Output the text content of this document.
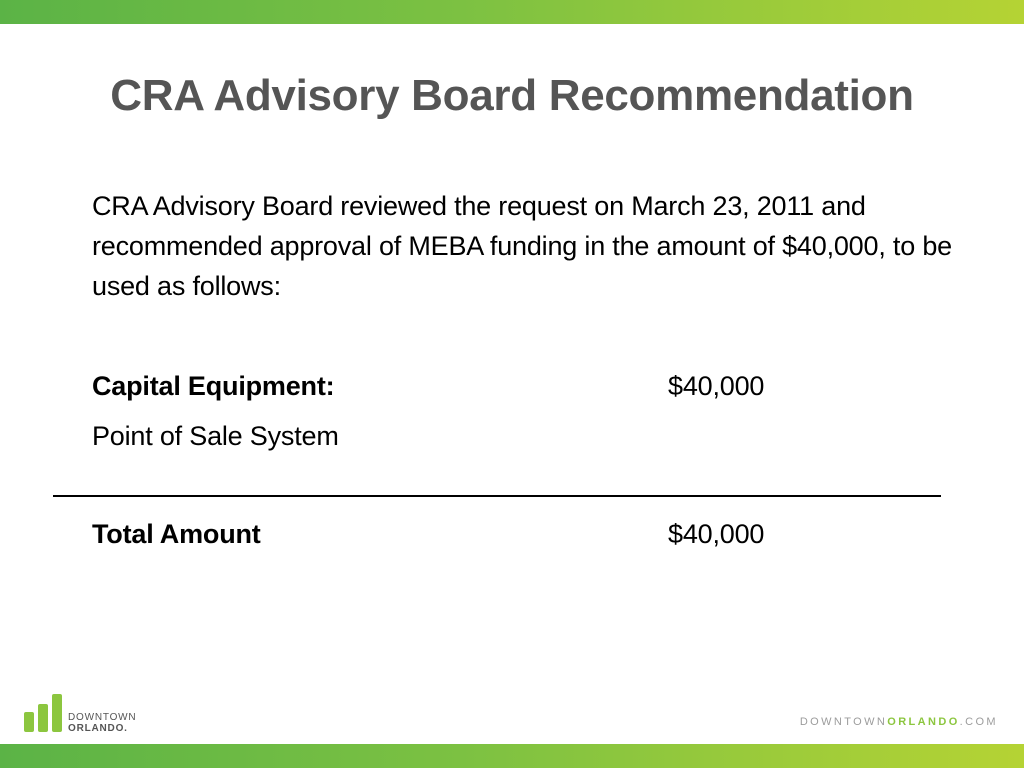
CRA Advisory Board Recommendation

CRA Advisory Board reviewed the request on March 23, 2011 and recommended approval of MEBA funding in the amount of $40,000, to be used as follows:

Capital Equipment:	$40,000
Point of Sale System
Total Amount	$40,000
DOWNTOWN
ORLANDO.
DOWNTOWNORLANDO.COM
